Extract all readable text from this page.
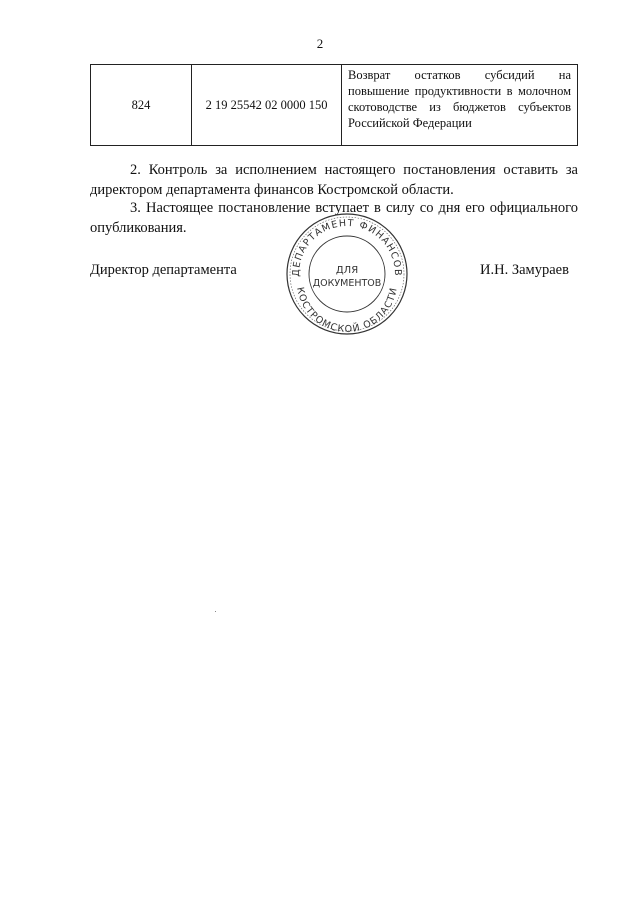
2
824	2 19 25542 02 0000 150	Возврат остатков субсидий на повышение продуктивности в молочном скотоводстве из бюджетов субъектов Российской Федерации

2. Контроль за исполнением настоящего постановления оставить за директором департамента финансов Костромской области.

3. Настоящее постановление вступает в силу со дня его официального опубликования.

Директор департамента	ДЕПАРТАМЕНТ ФИНАНСОВ
КОСТРОМСКОЙ ОБЛАСТИ
ДЛЯ
ДОКУМЕНТОВ
И.Н. Замураев
